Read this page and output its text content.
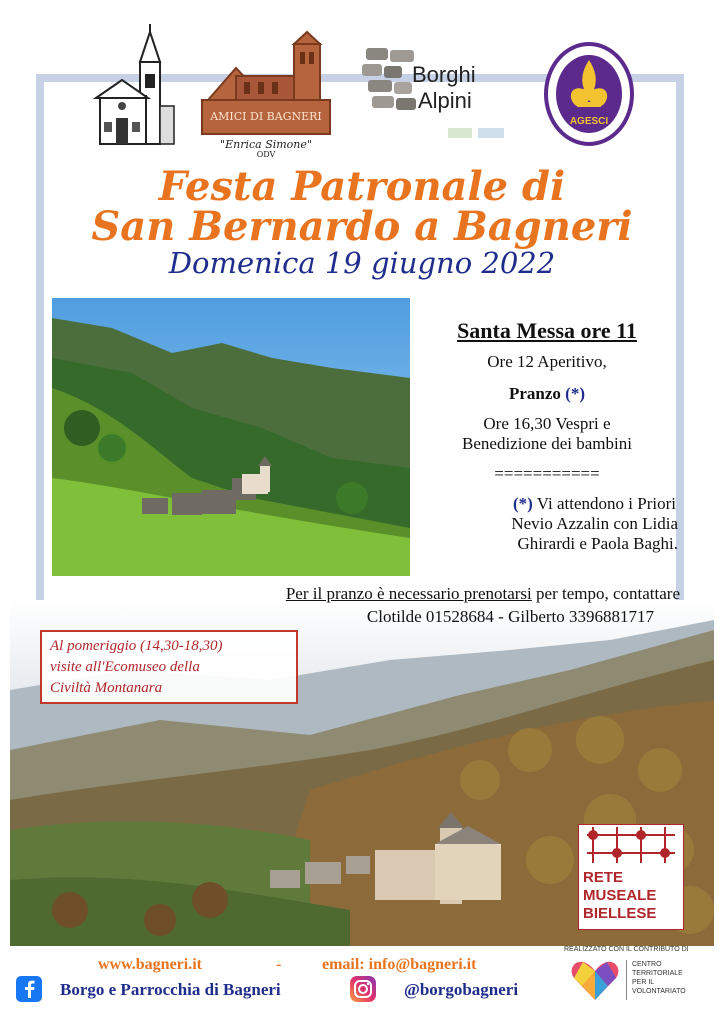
AMICI DI BAGNERI
"Enrica Simone"
ODV
Borghi
Alpini
AGESCI
Festa Patronale di
San Bernardo a Bagneri
Domenica 19 giugno 2022
Santa Messa ore 11
Ore 12 Aperitivo,
Pranzo (*)
Ore 16,30 Vespri e
Benedizione dei bambini
===========
(*) Vi attendono i Priori
Nevio Azzalin con Lidia
Ghirardi e Paola Baghi.
Per il pranzo è necessario prenotarsi per tempo, contattare
Clotilde 01528684 - Gilberto 3396881717
Al pomeriggio (14,30-18,30)
visite all'Ecomuseo della
Civiltà Montanara
RETE
MUSEALE
BIELLESE
www.bagneri.it	-	email: info@bagneri.it
Borgo e Parrocchia di Bagneri	@borgobagneri
REALIZZATO CON IL CONTRIBUTO DI
CENTRO
TERRITORIALE
PER IL
VOLONTARIATO
